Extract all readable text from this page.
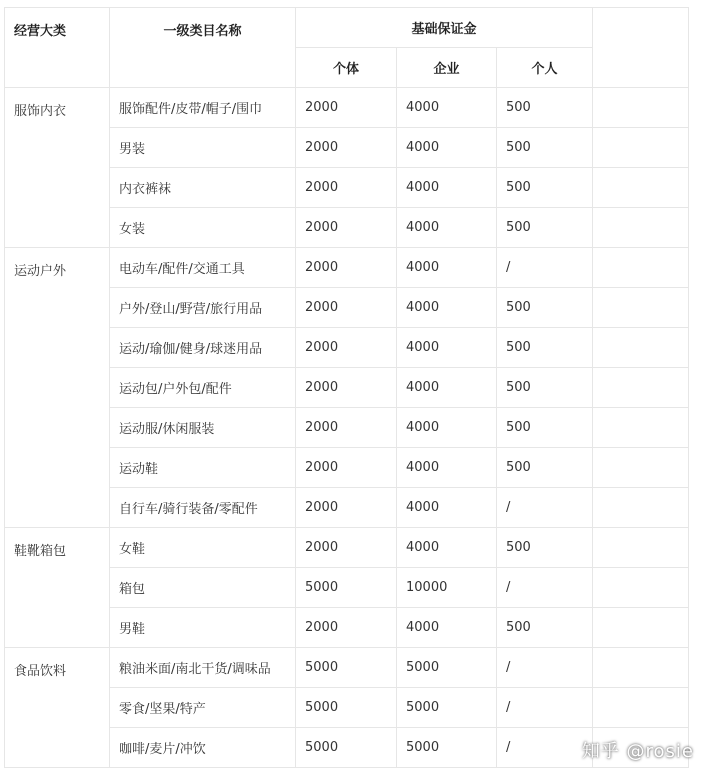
经营大类	一级类目名称	基础保证金			
		个体	企业	个人	
服饰内衣	服饰配件/皮带/帽子/围巾	2000	4000	500	
	男装	2000	4000	500	
	内衣裤袜	2000	4000	500	
	女装	2000	4000	500	
运动户外	电动车/配件/交通工具	2000	4000	/	
	户外/登山/野营/旅行用品	2000	4000	500	
	运动/瑜伽/健身/球迷用品	2000	4000	500	
	运动包/户外包/配件	2000	4000	500	
	运动服/休闲服装	2000	4000	500	
	运动鞋	2000	4000	500	
	自行车/骑行装备/零配件	2000	4000	/	
鞋靴箱包	女鞋	2000	4000	500	
	箱包	5000	10000	/	
	男鞋	2000	4000	500	
食品饮料	粮油米面/南北干货/调味品	5000	5000	/	
	零食/坚果/特产	5000	5000	/	
	咖啡/麦片/冲饮	5000	5000	/		知乎 @rosie
